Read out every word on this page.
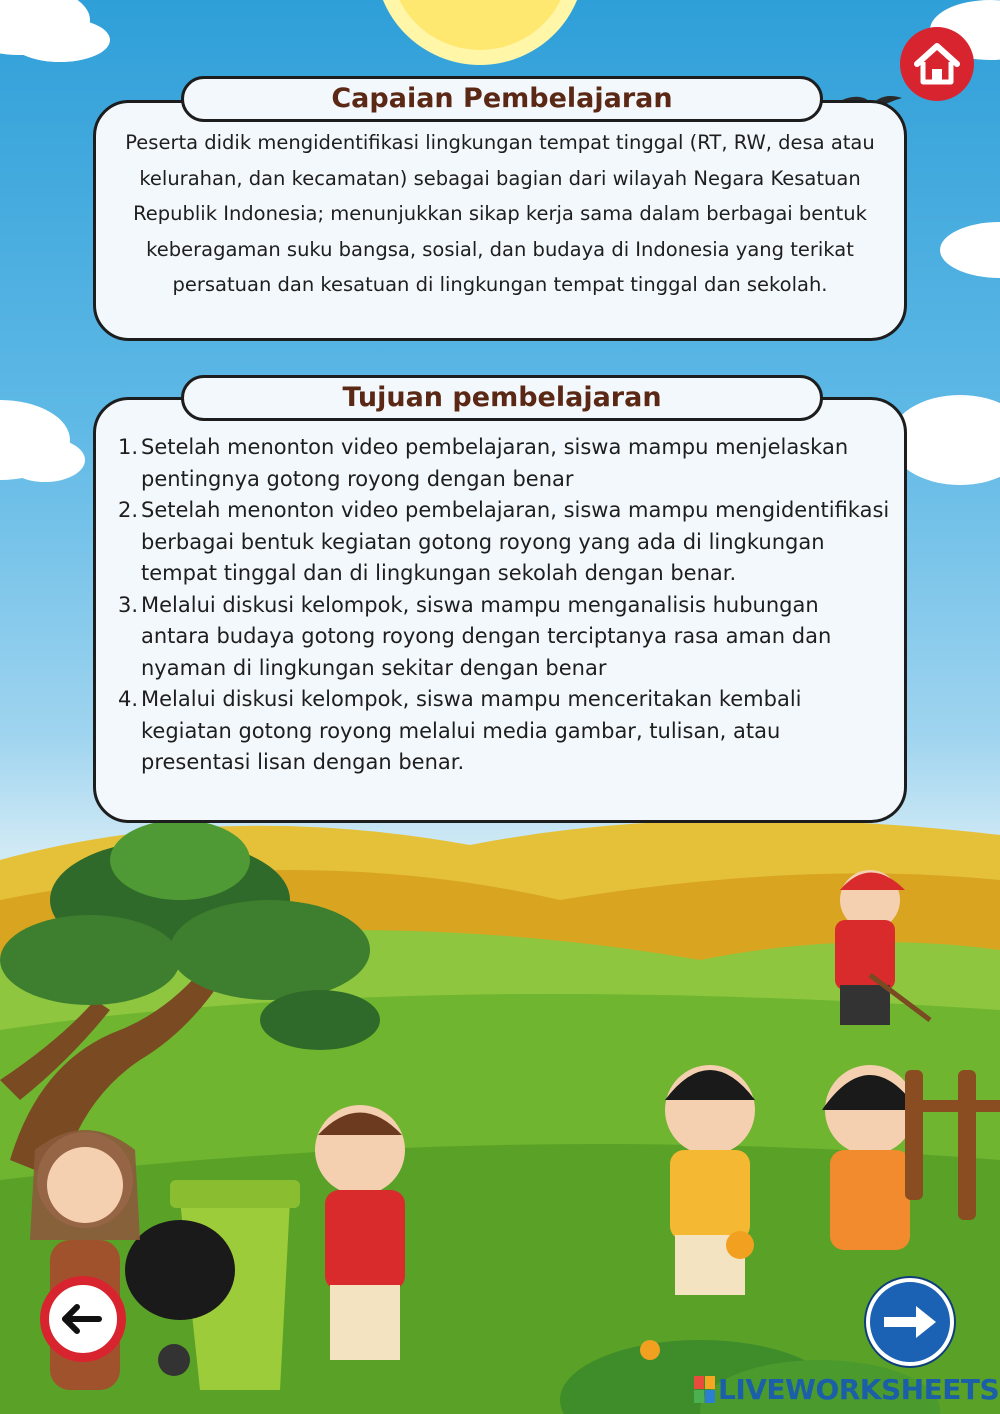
Peserta didik mengidentifikasi lingkungan tempat tinggal (RT, RW, desa atau kelurahan, dan kecamatan) sebagai bagian dari wilayah Negara Kesatuan Republik Indonesia; menunjukkan sikap kerja sama dalam berbagai bentuk keberagaman suku bangsa, sosial, dan budaya di Indonesia yang terikat persatuan dan kesatuan di lingkungan tempat tinggal dan sekolah.

Capaian Pembelajaran
1. Setelah menonton video pembelajaran, siswa mampu menjelaskan pentingnya gotong royong dengan benar
2. Setelah menonton video pembelajaran, siswa mampu mengidentifikasi berbagai bentuk kegiatan gotong royong yang ada di lingkungan tempat tinggal dan di lingkungan sekolah dengan benar.
3. Melalui diskusi kelompok, siswa mampu menganalisis hubungan antara budaya gotong royong dengan terciptanya rasa aman dan nyaman di lingkungan sekitar dengan benar
4. Melalui diskusi kelompok, siswa mampu menceritakan kembali kegiatan gotong royong melalui media gambar, tulisan, atau presentasi lisan dengan benar.
Tujuan pembelajaran
LIVEWORKSHEETS
